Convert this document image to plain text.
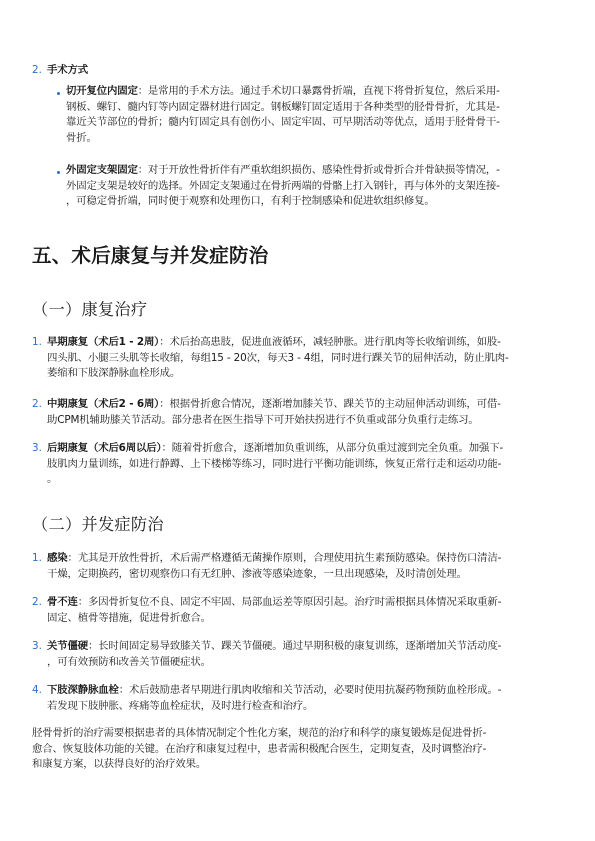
2. 手术方式
切开复位内固定：是常用的手术方法。通过手术切口暴露骨折端，直视下将骨折复位，然后采用-
钢板、螺钉、髓内钉等内固定器材进行固定。钢板螺钉固定适用于各种类型的胫骨骨折，尤其是-
靠近关节部位的骨折；髓内钉固定具有创伤小、固定牢固、可早期活动等优点，适用于胫骨骨干-
骨折。
外固定支架固定：对于开放性骨折伴有严重软组织损伤、感染性骨折或骨折合并骨缺损等情况，-
外固定支架是较好的选择。外固定支架通过在骨折两端的骨骼上打入钢针，再与体外的支架连接-
，可稳定骨折端，同时便于观察和处理伤口，有利于控制感染和促进软组织修复。
五、术后康复与并发症防治
（一）康复治疗
1. 早期康复（术后1 - 2周）：术后抬高患肢，促进血液循环，减轻肿胀。进行肌肉等长收缩训练，如股-
四头肌、小腿三头肌等长收缩，每组15 - 20次，每天3 - 4组，同时进行踝关节的屈伸活动，防止肌肉-
萎缩和下肢深静脉血栓形成。
2. 中期康复（术后2 - 6周）：根据骨折愈合情况，逐渐增加膝关节、踝关节的主动屈伸活动训练，可借-
助CPM机辅助膝关节活动。部分患者在医生指导下可开始扶拐进行不负重或部分负重行走练习。
3. 后期康复（术后6周以后）：随着骨折愈合，逐渐增加负重训练，从部分负重过渡到完全负重。加强下-
肢肌肉力量训练，如进行静蹲、上下楼梯等练习，同时进行平衡功能训练，恢复正常行走和运动功能-
。
（二）并发症防治
1. 感染：尤其是开放性骨折，术后需严格遵循无菌操作原则，合理使用抗生素预防感染。保持伤口清洁-
干燥，定期换药，密切观察伤口有无红肿、渗液等感染迹象，一旦出现感染，及时清创处理。
2. 骨不连：多因骨折复位不良、固定不牢固、局部血运差等原因引起。治疗时需根据具体情况采取重新-
固定、植骨等措施，促进骨折愈合。
3. 关节僵硬：长时间固定易导致膝关节、踝关节僵硬。通过早期积极的康复训练，逐渐增加关节活动度-
，可有效预防和改善关节僵硬症状。
4. 下肢深静脉血栓：术后鼓励患者早期进行肌肉收缩和关节活动，必要时使用抗凝药物预防血栓形成。-
若发现下肢肿胀、疼痛等血栓症状，及时进行检查和治疗。
胫骨骨折的治疗需要根据患者的具体情况制定个性化方案，规范的治疗和科学的康复锻炼是促进骨折-
愈合、恢复肢体功能的关键。在治疗和康复过程中，患者需积极配合医生，定期复查，及时调整治疗-
和康复方案，以获得良好的治疗效果。
